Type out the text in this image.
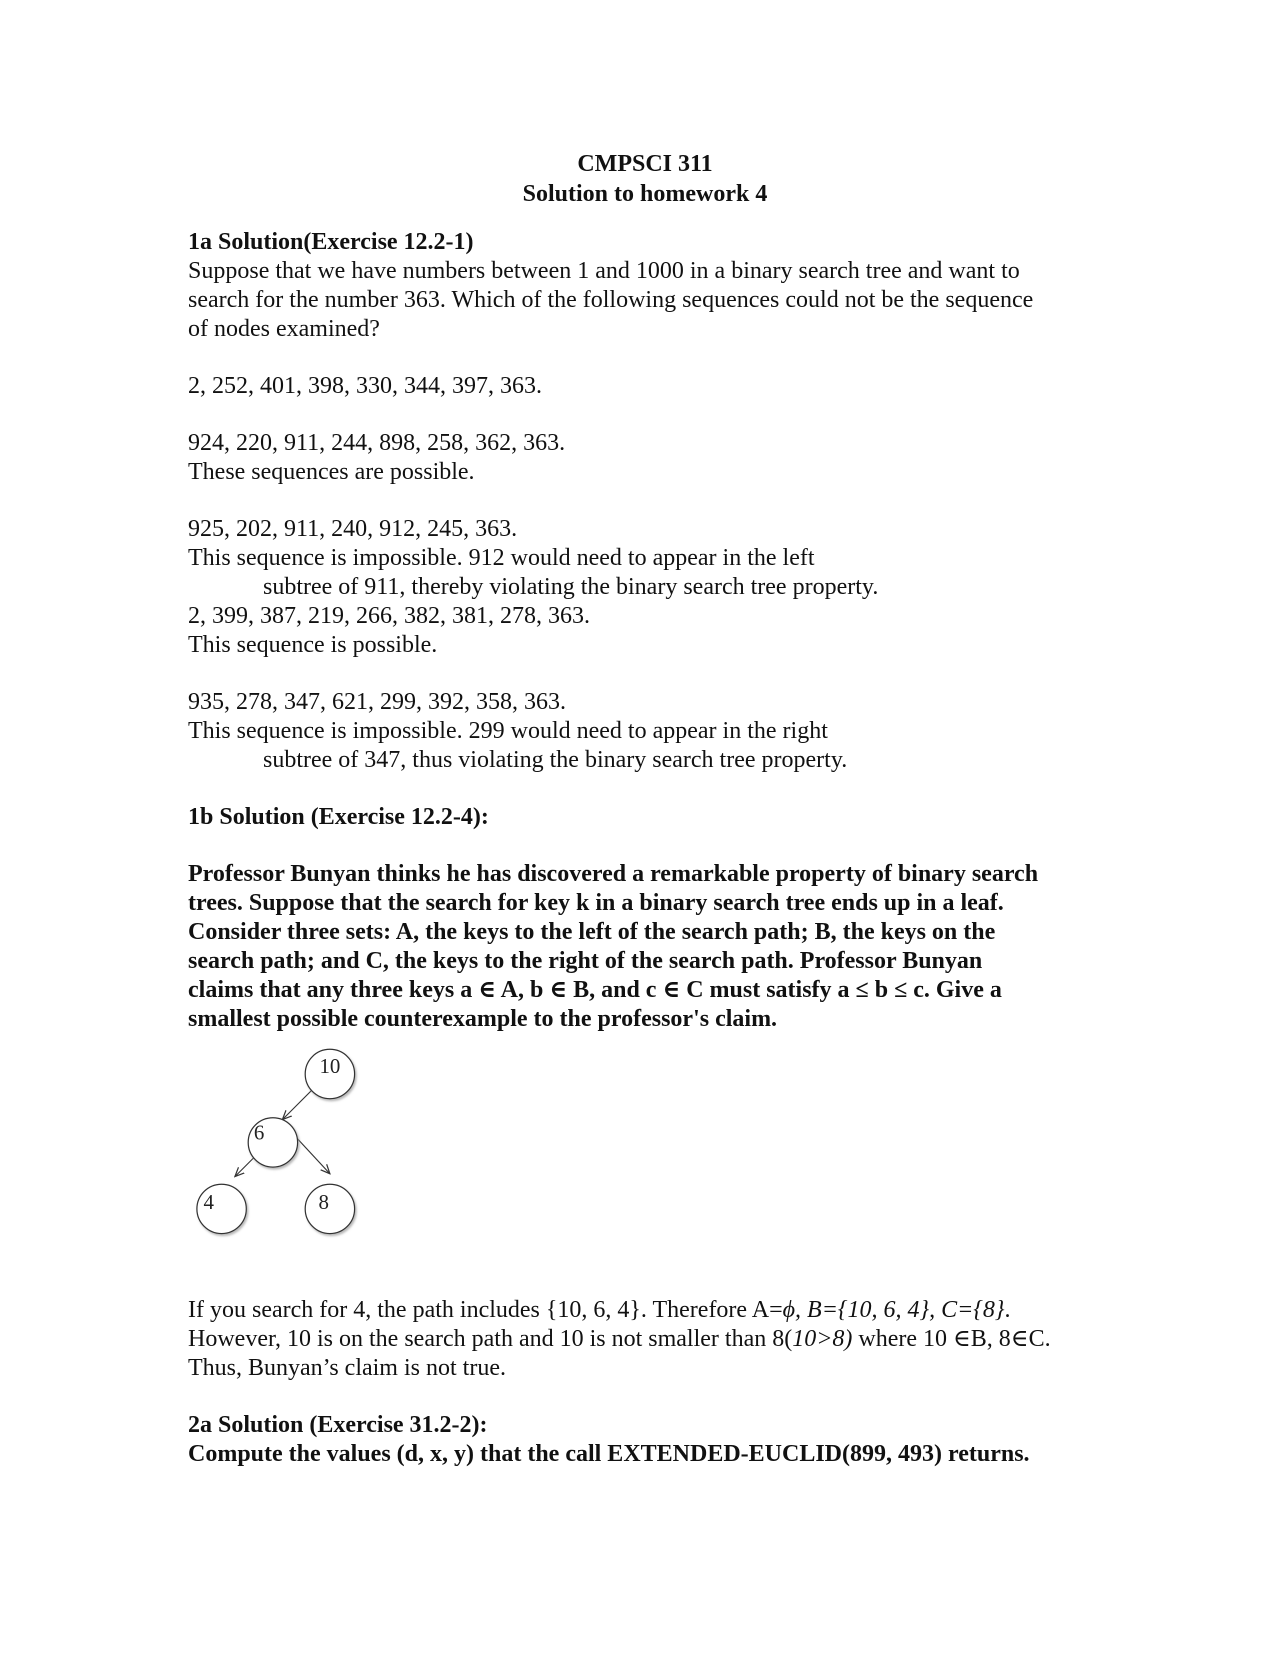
CMPSCI 311
Solution to homework 4
1a Solution(Exercise 12.2-1)
Suppose that we have numbers between 1 and 1000 in a binary search tree and want to
search for the number 363. Which of the following sequences could not be the sequence
of nodes examined?
2, 252, 401, 398, 330, 344, 397, 363.
924, 220, 911, 244, 898, 258, 362, 363.
These sequences are possible.
925, 202, 911, 240, 912, 245, 363.
This sequence is impossible. 912 would need to appear in the left
subtree of 911, thereby violating the binary search tree property.
2, 399, 387, 219, 266, 382, 381, 278, 363.
This sequence is possible.
935, 278, 347, 621, 299, 392, 358, 363.
This sequence is impossible. 299 would need to appear in the right
subtree of 347, thus violating the binary search tree property.
1b Solution (Exercise 12.2-4):
Professor Bunyan thinks he has discovered a remarkable property of binary search
trees. Suppose that the search for key k in a binary search tree ends up in a leaf.
Consider three sets: A, the keys to the left of the search path; B, the keys on the
search path; and C, the keys to the right of the search path. Professor Bunyan
claims that any three keys a ∈ A, b ∈ B, and c ∈ C must satisfy a ≤ b ≤ c. Give a
smallest possible counterexample to the professor's claim.
10
6
4	8
If you search for 4, the path includes {10, 6, 4}. Therefore A=ϕ, B={10, 6, 4}, C={8}.
However, 10 is on the search path and 10 is not smaller than 8(10>8) where 10 ∈B, 8∈C.
Thus, Bunyan’s claim is not true.
2a Solution (Exercise 31.2-2):
Compute the values (d, x, y) that the call EXTENDED-EUCLID(899, 493) returns.
